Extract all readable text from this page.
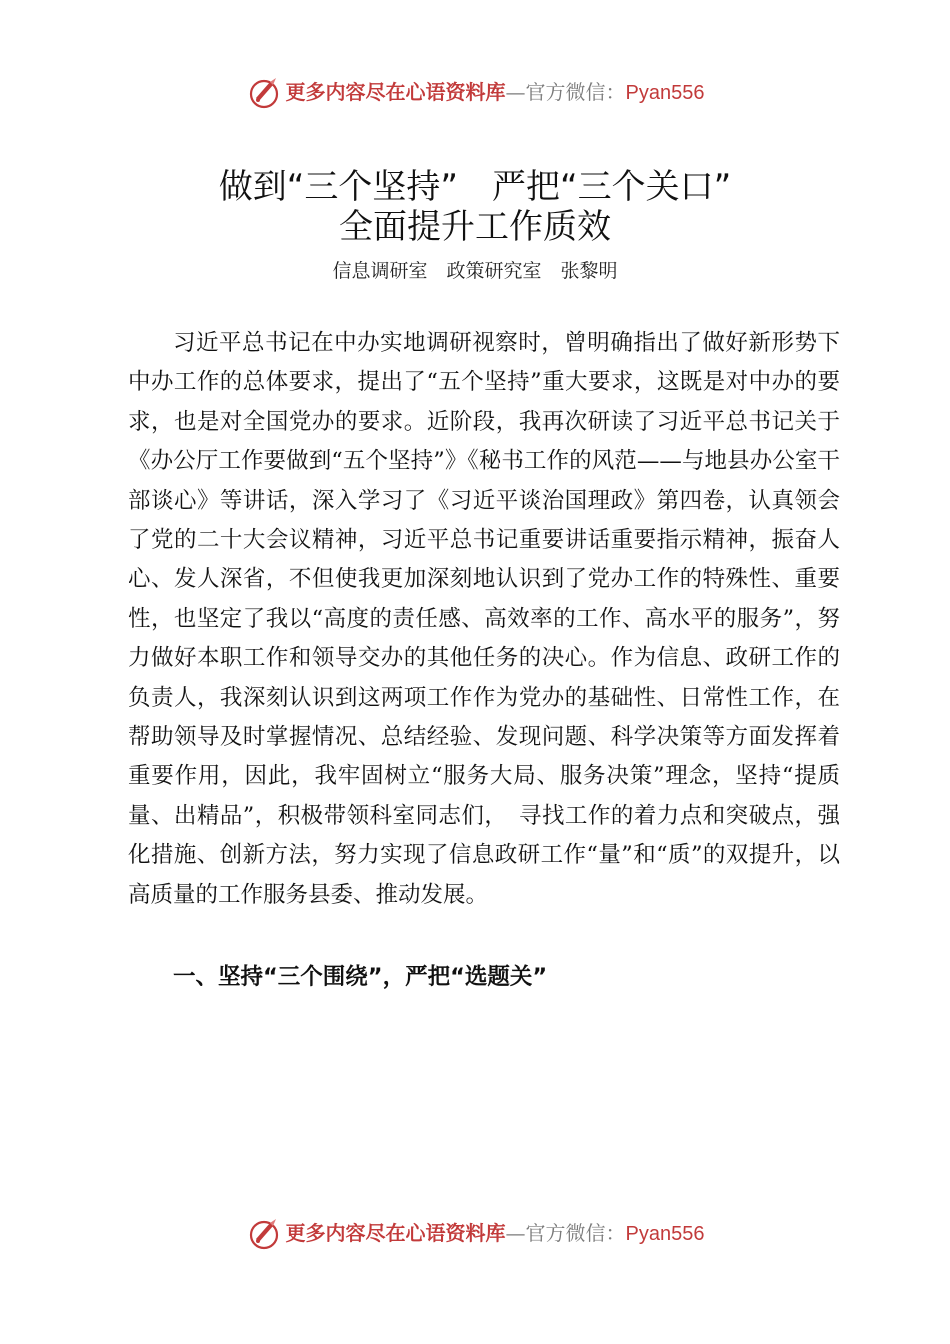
更多内容尽在心语资料库—官方微信：Pyan556
做到“三个坚持”　严把“三个关口”
全面提升工作质效
信息调研室　政策研究室　张黎明

习近平总书记在中办实地调研视察时，曾明确指出了做好新形势下中办工作的总体要求，提出了“五个坚持”重大要求，这既是对中办的要求，也是对全国党办的要求。近阶段，我再次研读了习近平总书记关于《办公厅工作要做到“五个坚持”》《秘书工作的风范——与地县办公室干部谈心》等讲话，深入学习了《习近平谈治国理政》第四卷，认真领会了党的二十大会议精神，习近平总书记重要讲话重要指示精神，振奋人心、发人深省，不但使我更加深刻地认识到了党办工作的特殊性、重要性，也坚定了我以“高度的责任感、高效率的工作、高水平的服务”，努力做好本职工作和领导交办的其他任务的决心。作为信息、政研工作的负责人，我深刻认识到这两项工作作为党办的基础性、日常性工作，在帮助领导及时掌握情况、总结经验、发现问题、科学决策等方面发挥着重要作用，因此，我牢固树立“服务大局、服务决策”理念，坚持“提质量、出精品”，积极带领科室同志们，　寻找工作的着力点和突破点，强化措施、创新方法，努力实现了信息政研工作“量”和“质”的双提升，以高质量的工作服务县委、推动发展。

一、坚持“三个围绕”，严把“选题关”

更多内容尽在心语资料库—官方微信：Pyan556
